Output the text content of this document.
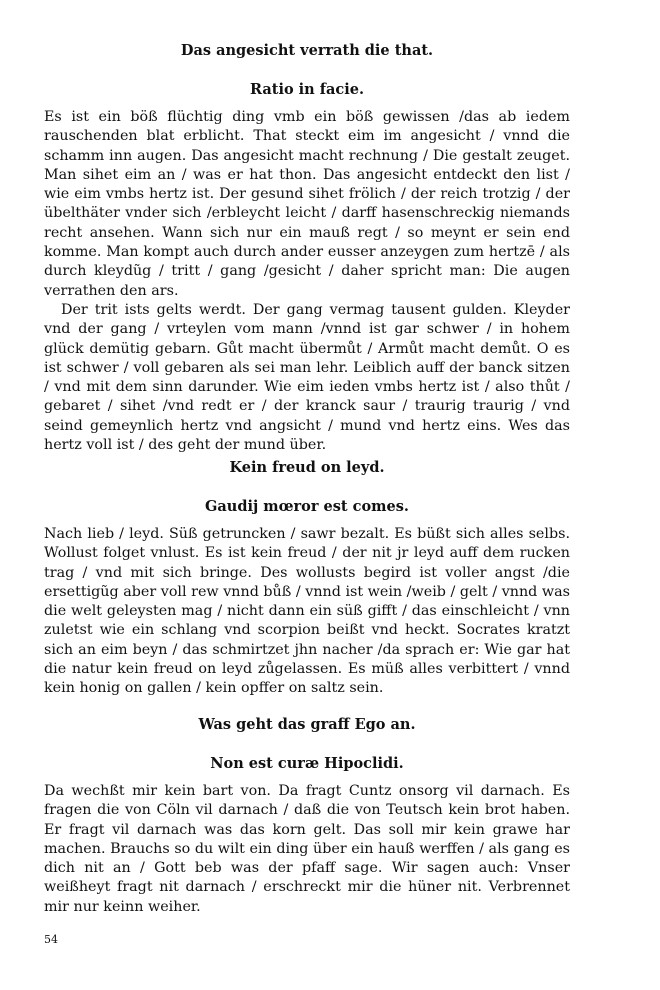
Das angesicht verrath die that.
Ratio in facie.

Es ist ein böß flüchtig ding vmb ein böß gewissen /das ab iedem rauschenden blat erblicht. That steckt eim im angesicht / vnnd die schamm inn augen. Das angesicht macht rechnung / Die gestalt zeuget. Man sihet eim an / was er hat thon. Das angesicht entdeckt den list / wie eim vmbs hertz ist. Der gesund sihet frölich / der reich trotzig / der übelthäter vnder sich /erbleycht leicht / darff hasenschreckig niemands recht ansehen. Wann sich nur ein mauß regt / so meynt er sein end komme. Man kompt auch durch ander eusser anzeygen zum hertzē / als durch kleydũg / tritt / gang /gesicht / daher spricht man: Die augen verrathen den ars.

Der trit ists gelts werdt. Der gang vermag tausent gulden. Kleyder vnd der gang / vrteylen vom mann /vnnd ist gar schwer / in hohem glück demütig gebarn. Gůt macht übermůt / Armůt macht demůt. O es ist schwer / voll gebaren als sei man lehr. Leiblich auff der banck sitzen / vnd mit dem sinn darunder. Wie eim ieden vmbs hertz ist / also thůt / gebaret / sihet /vnd redt er / der kranck saur / traurig traurig / vnd seind gemeynlich hertz vnd angsicht / mund vnd hertz eins. Wes das hertz voll ist / des geht der mund über.

Kein freud on leyd.
Gaudij mœror est comes.

Nach lieb / leyd. Süß getruncken / sawr bezalt. Es büßt sich alles selbs. Wollust folget vnlust. Es ist kein freud / der nit jr leyd auff dem rucken trag / vnd mit sich bringe. Des wollusts begird ist voller angst /die ersettigũg aber voll rew vnnd bůß / vnnd ist wein /weib / gelt / vnnd was die welt geleysten mag / nicht dann ein süß gifft / das einschleicht / vnn zuletst wie ein schlang vnd scorpion beißt vnd heckt. Socrates kratzt sich an eim beyn / das schmirtzet jhn nacher /da sprach er: Wie gar hat die natur kein freud on leyd zůgelassen. Es müß alles verbittert / vnnd kein honig on gallen / kein opffer on saltz sein.

Was geht das graff Ego an.
Non est curæ Hipoclidi.

Da wechßt mir kein bart von. Da fragt Cuntz onsorg vil darnach. Es fragen die von Cöln vil darnach / daß die von Teutsch kein brot haben. Er fragt vil darnach was das korn gelt. Das soll mir kein grawe har machen. Brauchs so du wilt ein ding über ein hauß werffen / als gang es dich nit an / Gott beb was der pfaff sage. Wir sagen auch: Vnser weißheyt fragt nit darnach / erschreckt mir die hüner nit. Verbrennet mir nur keinn weiher.

54
